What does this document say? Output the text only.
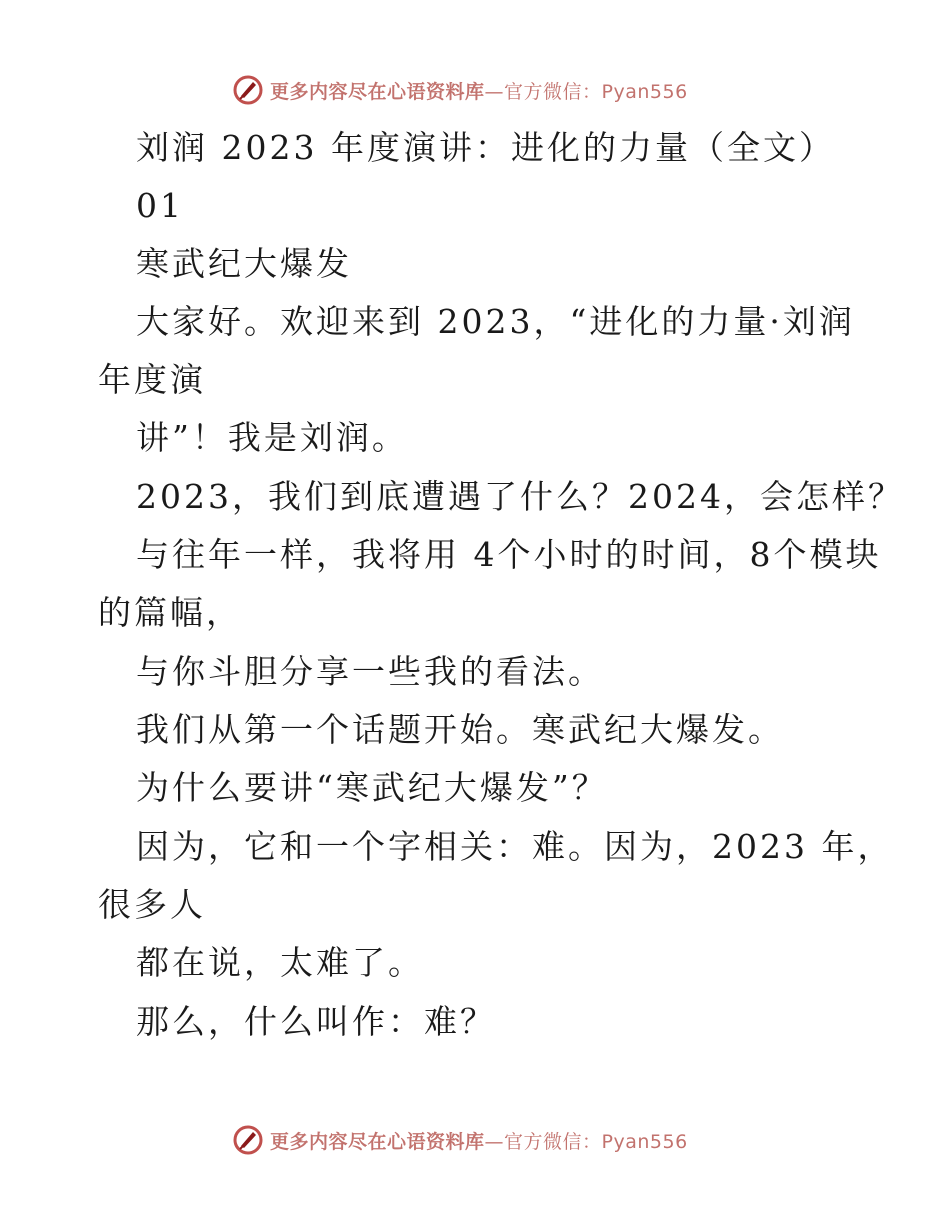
更多内容尽在心语资料库—官方微信：Pyan556
刘润 2023 年度演讲：进化的力量（全文）
01
寒武纪大爆发
大家好。欢迎来到 2023，“进化的力量·刘润
年度演
讲”！我是刘润。
2023，我们到底遭遇了什么？2024，会怎样？
与往年一样，我将用 4个小时的时间，8个模块
的篇幅，
与你斗胆分享一些我的看法。
我们从第一个话题开始。寒武纪大爆发。
为什么要讲“寒武纪大爆发”？
因为，它和一个字相关：难。因为，2023 年，
很多人
都在说，太难了。
那么，什么叫作：难？
更多内容尽在心语资料库—官方微信：Pyan556
